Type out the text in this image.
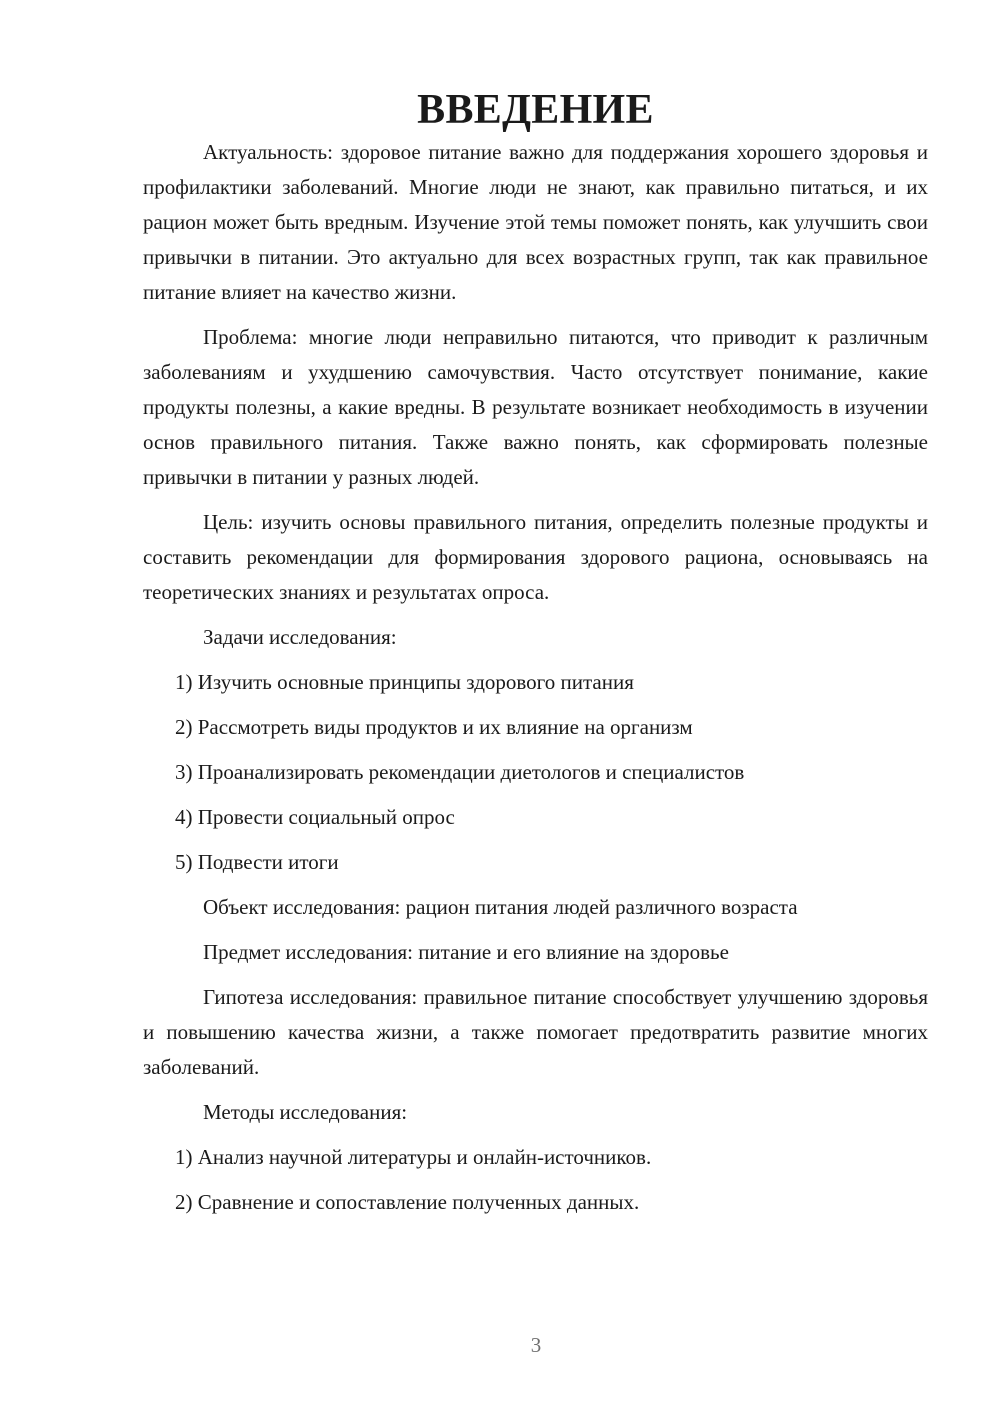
ВВЕДЕНИЕ

Актуальность: здоровое питание важно для поддержания хорошего здоровья и профилактики заболеваний. Многие люди не знают, как правильно питаться, и их рацион может быть вредным. Изучение этой темы поможет понять, как улучшить свои привычки в питании. Это актуально для всех возрастных групп, так как правильное питание влияет на качество жизни.

Проблема: многие люди неправильно питаются, что приводит к различным заболеваниям и ухудшению самочувствия. Часто отсутствует понимание, какие продукты полезны, а какие вредны. В результате возникает необходимость в изучении основ правильного питания. Также важно понять, как сформировать полезные привычки в питании у разных людей.

Цель: изучить основы правильного питания, определить полезные продукты и составить рекомендации для формирования здорового рациона, основываясь на теоретических знаниях и результатах опроса.

Задачи исследования:

1) Изучить основные принципы здорового питания

2) Рассмотреть виды продуктов и их влияние на организм

3) Проанализировать рекомендации диетологов и специалистов

4) Провести социальный опрос

5) Подвести итоги

Объект исследования: рацион питания людей различного возраста

Предмет исследования: питание и его влияние на здоровье

Гипотеза исследования: правильное питание способствует улучшению здоровья и повышению качества жизни, а также помогает предотвратить развитие многих заболеваний.

Методы исследования:

1) Анализ научной литературы и онлайн-источников.

2) Сравнение и сопоставление полученных данных.

3
